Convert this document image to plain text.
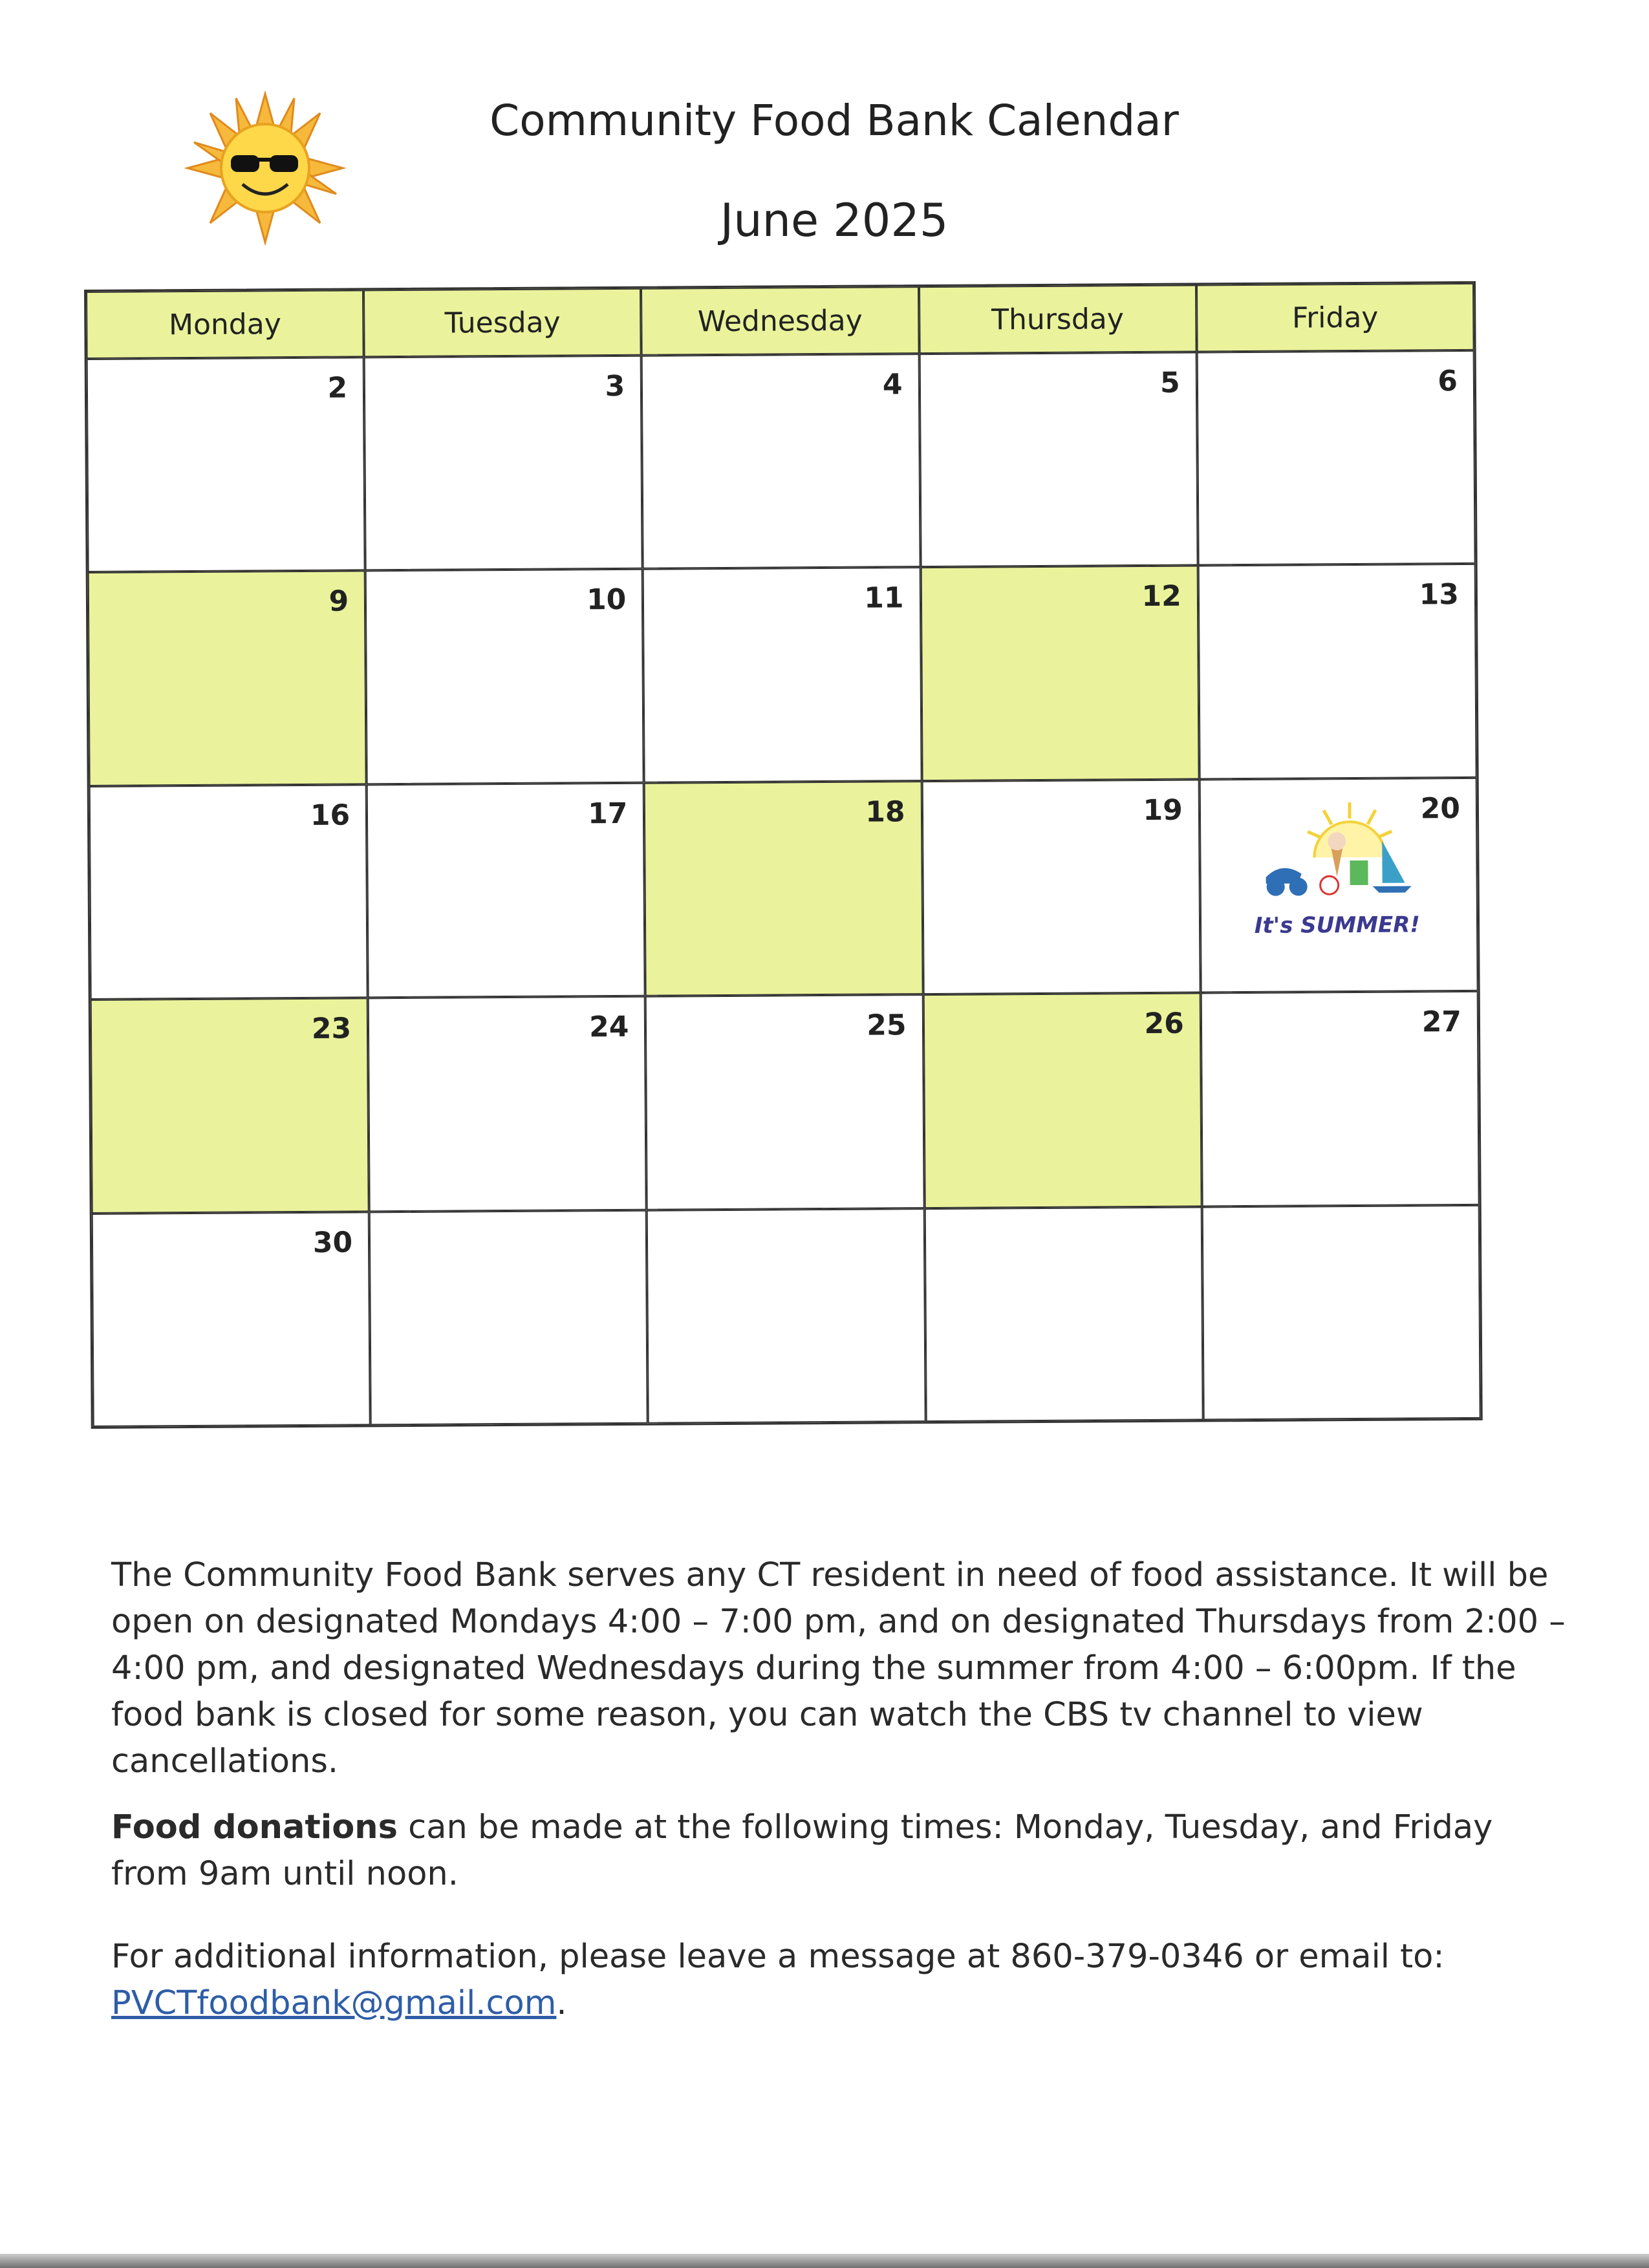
Community Food Bank Calendar
June 2025
Monday	Tuesday	Wednesday	Thursday	Friday
2	3	4	5	6
9	10	11	12	13
16	17	18	19	20
It's SUMMER!
23	24	25	26	27
30

The Community Food Bank serves any CT resident in need of food assistance. It will be open on designated Mondays 4:00 – 7:00 pm, and on designated Thursdays from 2:00 – 4:00 pm, and designated Wednesdays during the summer from 4:00 – 6:00pm. If the food bank is closed for some reason, you can watch the CBS tv channel to view cancellations.

Food donations can be made at the following times: Monday, Tuesday, and Friday from 9am until noon.

For additional information, please leave a message at 860-379-0346 or email to: PVCTfoodbank@gmail.com.
